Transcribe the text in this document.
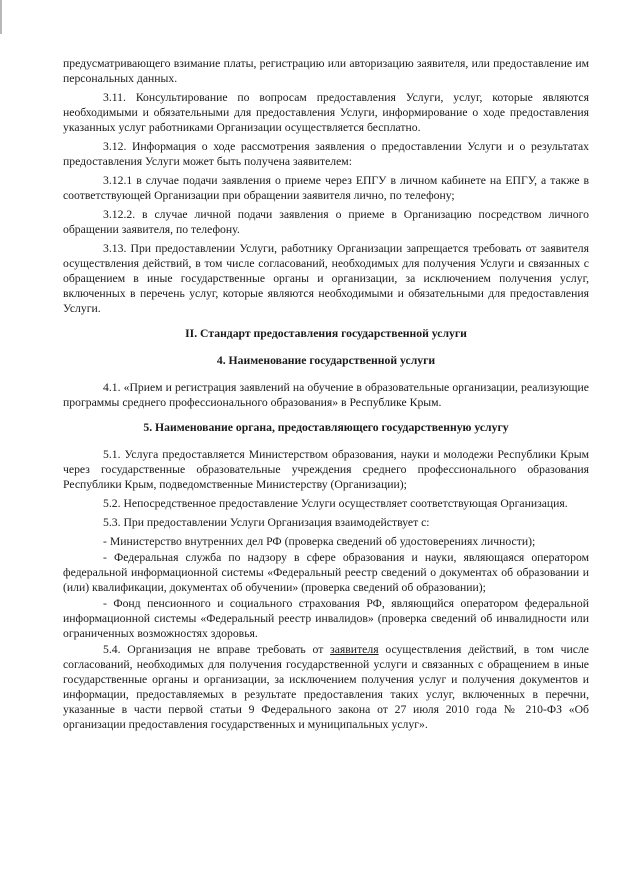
предусматривающего взимание платы, регистрацию или авторизацию заявителя, или предоставление им персональных данных.

3.11. Консультирование по вопросам предоставления Услуги, услуг, которые являются необходимыми и обязательными для предоставления Услуги, информирование о ходе предоставления указанных услуг работниками Организации осуществляется бесплатно.

3.12. Информация о ходе рассмотрения заявления о предоставлении Услуги и о результатах предоставления Услуги может быть получена заявителем:

3.12.1 в случае подачи заявления о приеме через ЕПГУ в личном кабинете на ЕПГУ, а также в соответствующей Организации при обращении заявителя лично, по телефону;

3.12.2. в случае личной подачи заявления о приеме в Организацию посредством личного обращении заявителя, по телефону.

3.13. При предоставлении Услуги, работнику Организации запрещается требовать от заявителя осуществления действий, в том числе согласований, необходимых для получения Услуги и связанных с обращением в иные государственные органы и организации, за исключением получения услуг, включенных в перечень услуг, которые являются необходимыми и обязательными для предоставления Услуги.

II. Стандарт предоставления государственной услуги
4. Наименование государственной услуги

4.1. «Прием и регистрация заявлений на обучение в образовательные организации, реализующие программы среднего профессионального образования» в Республике Крым.

5. Наименование органа, предоставляющего государственную услугу

5.1. Услуга предоставляется Министерством образования, науки и молодежи Республики Крым через государственные образовательные учреждения среднего профессионального образования Республики Крым, подведомственные Министерству (Организации);

5.2. Непосредственное предоставление Услуги осуществляет соответствующая Организация.

5.3. При предоставлении Услуги Организация взаимодействует с:

- Министерство внутренних дел РФ (проверка сведений об удостоверениях личности);

- Федеральная служба по надзору в сфере образования и науки, являющаяся оператором федеральной информационной системы «Федеральный реестр сведений о документах об образовании и (или) квалификации, документах об обучении» (проверка сведений об образовании);

- Фонд пенсионного и социального страхования РФ, являющийся оператором федеральной информационной системы «Федеральный реестр инвалидов» (проверка сведений об инвалидности или ограниченных возможностях здоровья.

5.4. Организация не вправе требовать от заявителя осуществления действий, в том числе согласований, необходимых для получения государственной услуги и связанных с обращением в иные государственные органы и организации, за исключением получения услуг и получения документов и информации, предоставляемых в результате предоставления таких услуг, включенных в перечни, указанные в части первой статьи 9 Федерального закона от 27 июля 2010 года № 210-ФЗ «Об организации предоставления государственных и муниципальных услуг».
